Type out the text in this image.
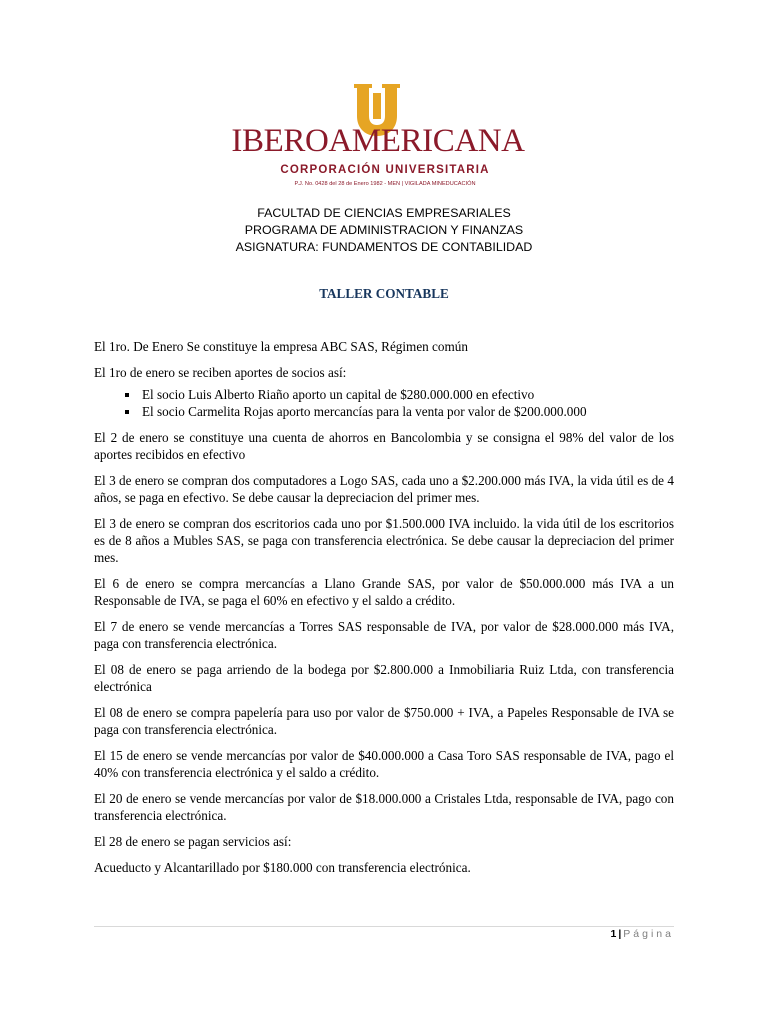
IBEROAMERICANA
CORPORACIÓN UNIVERSITARIA
P.J. No. 0428 del 28 de Enero 1982 - MEN | VIGILADA MINEDUCACIÓN
FACULTAD DE CIENCIAS EMPRESARIALES
PROGRAMA DE ADMINISTRACION Y FINANZAS
ASIGNATURA: FUNDAMENTOS DE CONTABILIDAD
TALLER CONTABLE

El 1ro. De Enero Se constituye la empresa ABC SAS, Régimen común

El 1ro de enero se reciben aportes de socios así:

▪ El socio Luis Alberto Riaño aporto un capital de $280.000.000 en efectivo
▪ El socio Carmelita Rojas aporto mercancías para la venta por valor de $200.000.000

El 2 de enero se constituye una cuenta de ahorros en Bancolombia y se consigna el 98% del valor de los aportes recibidos en efectivo

El 3 de enero se compran dos computadores a Logo SAS, cada uno a $2.200.000 más IVA, la vida útil es de 4 años, se paga en efectivo. Se debe causar la depreciacion del primer mes.

El 3 de enero se compran dos escritorios cada uno por $1.500.000 IVA incluido. la vida útil de los escritorios es de 8 años a Mubles SAS, se paga con transferencia electrónica. Se debe causar la depreciacion del primer mes.

El 6 de enero se compra mercancías a Llano Grande SAS, por valor de $50.000.000 más IVA a un Responsable de IVA, se paga el 60% en efectivo y el saldo a crédito.

El 7 de enero se vende mercancías a Torres SAS responsable de IVA, por valor de $28.000.000 más IVA, paga con transferencia electrónica.

El 08 de enero se paga arriendo de la bodega por $2.800.000 a Inmobiliaria Ruiz Ltda, con transferencia electrónica

El 08 de enero se compra papelería para uso por valor de $750.000 + IVA, a Papeles Responsable de IVA se paga con transferencia electrónica.

El 15 de enero se vende mercancías por valor de $40.000.000 a Casa Toro SAS responsable de IVA, pago el 40% con transferencia electrónica y el saldo a crédito.

El 20 de enero se vende mercancías por valor de $18.000.000 a Cristales Ltda, responsable de IVA, pago con transferencia electrónica.

El 28 de enero se pagan servicios así:

Acueducto y Alcantarillado por $180.000 con transferencia electrónica.

1 | Página
